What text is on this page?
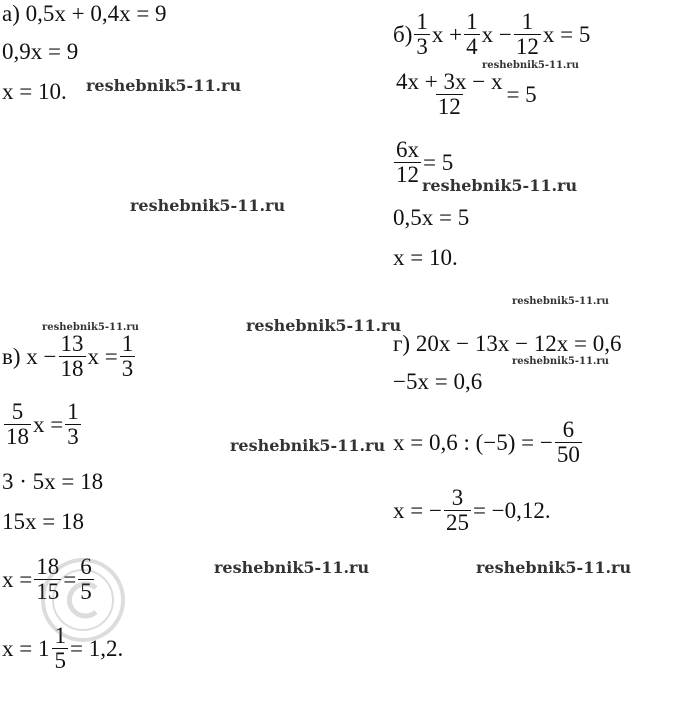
а) 0,5x + 0,4x = 9
0,9x = 9
x = 10.
$б) \frac{1}{3}$ $x + \frac{1}{4}$ $x - \frac{1}{12}$ x = 5
$\frac{4x + 3x - x}{12} = 5$
$\frac{6x}{12} = 5$
0,5x = 5
x = 10.
в) $x - \frac{13}{18}$ $x = \frac{1}{3}$
$\frac{5}{18}$ $x = \frac{1}{3}$
3 · 5x = 18
15x = 18
$x = \frac{18}{15} = \frac{6}{5}$
$x = 1 \frac{1}{5} = 1,2$.
г) 20x − 13x − 12x = 0,6
−5x = 0,6
x = 0,6 : (−5) = − $\frac{6}{50}$
x = − $\frac{3}{25} = -0,12$.
reshebnik5-11.ru
reshebnik5-11.ru
reshebnik5-11.ru
reshebnik5-11.ru
reshebnik5-11.ru
reshebnik5-11.ru	reshebnik5-11.ru
reshebnik5-11.ru
reshebnik5-11.ru
reshebnik5-11.ru	reshebnik5-11.ru
